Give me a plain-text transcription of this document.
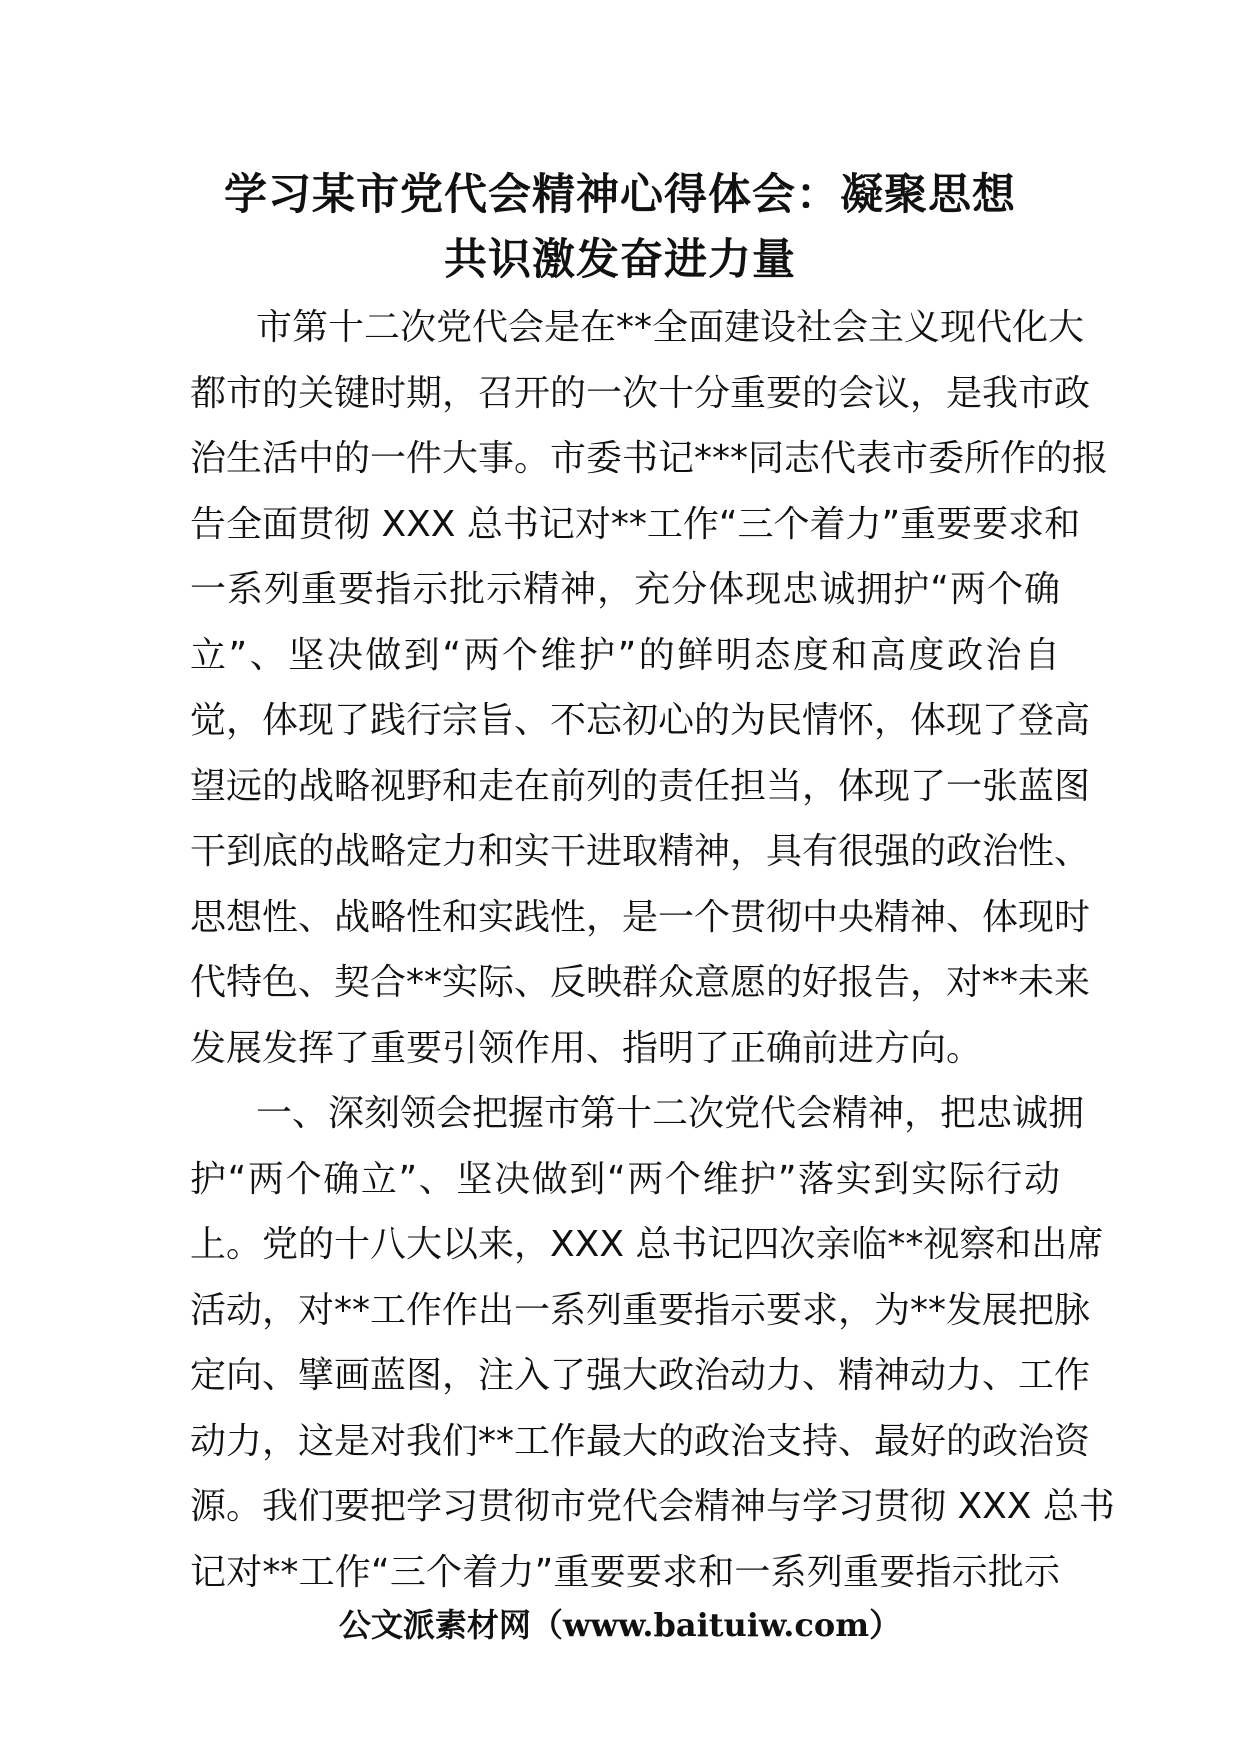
学习某市党代会精神心得体会：凝聚思想
共识激发奋进力量
市第十二次党代会是在**全面建设社会主义现代化大
都市的关键时期，召开的一次十分重要的会议，是我市政
治生活中的一件大事。市委书记***同志代表市委所作的报
告全面贯彻 XXX 总书记对**工作“三个着力”重要要求和
一系列重要指示批示精神，充分体现忠诚拥护“两个确
立”、坚决做到“两个维护”的鲜明态度和高度政治自
觉，体现了践行宗旨、不忘初心的为民情怀，体现了登高
望远的战略视野和走在前列的责任担当，体现了一张蓝图
干到底的战略定力和实干进取精神，具有很强的政治性、
思想性、战略性和实践性，是一个贯彻中央精神、体现时
代特色、契合**实际、反映群众意愿的好报告，对**未来
发展发挥了重要引领作用、指明了正确前进方向。
一、深刻领会把握市第十二次党代会精神，把忠诚拥
护“两个确立”、坚决做到“两个维护”落实到实际行动
上。党的十八大以来，XXX 总书记四次亲临**视察和出席
活动，对**工作作出一系列重要指示要求，为**发展把脉
定向、擘画蓝图，注入了强大政治动力、精神动力、工作
动力，这是对我们**工作最大的政治支持、最好的政治资
源。我们要把学习贯彻市党代会精神与学习贯彻 XXX 总书
记对**工作“三个着力”重要要求和一系列重要指示批示
公文派素材网（www.baituiw.com）
